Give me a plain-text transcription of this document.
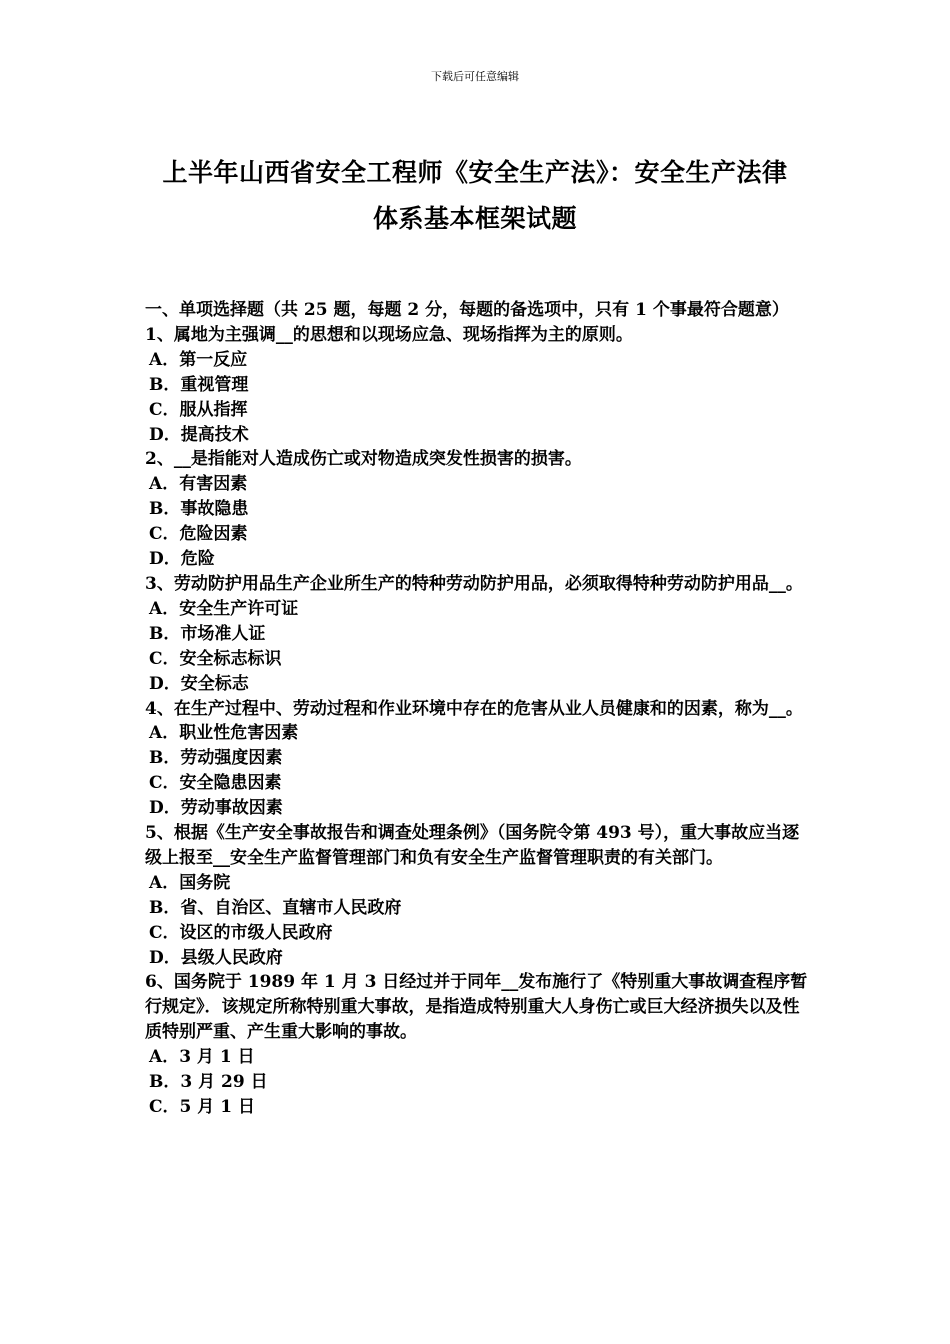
下载后可任意编辑
上半年山西省安全工程师《安全生产法》：安全生产法律体系基本框架试题
一、单项选择题（共 25 题，每题 2 分，每题的备选项中，只有 1 个事最符合题意）
1、属地为主强调__的思想和以现场应急、现场指挥为主的原则。
A．第一反应
B．重视管理
C．服从指挥
D．提高技术
2、__是指能对人造成伤亡或对物造成突发性损害的损害。
A．有害因素
B．事故隐患
C．危险因素
D．危险
3、劳动防护用品生产企业所生产的特种劳动防护用品，必须取得特种劳动防护用品__。
A．安全生产许可证
B．市场准人证
C．安全标志标识
D．安全标志
4、在生产过程中、劳动过程和作业环境中存在的危害从业人员健康和的因素，称为__。
A．职业性危害因素
B．劳动强度因素
C．安全隐患因素
D．劳动事故因素
5、根据《生产安全事故报告和调查处理条例》（国务院令第 493 号），重大事故应当逐级上报至__安全生产监督管理部门和负有安全生产监督管理职责的有关部门。
A．国务院
B．省、自治区、直辖市人民政府
C．设区的市级人民政府
D．县级人民政府
6、国务院于 1989 年 1 月 3 日经过并于同年__发布施行了《特别重大事故调查程序暂行规定》．该规定所称特别重大事故，是指造成特别重大人身伤亡或巨大经济损失以及性质特别严重、产生重大影响的事故。
A．3 月 1 日
B．3 月 29 日
C．5 月 1 日
